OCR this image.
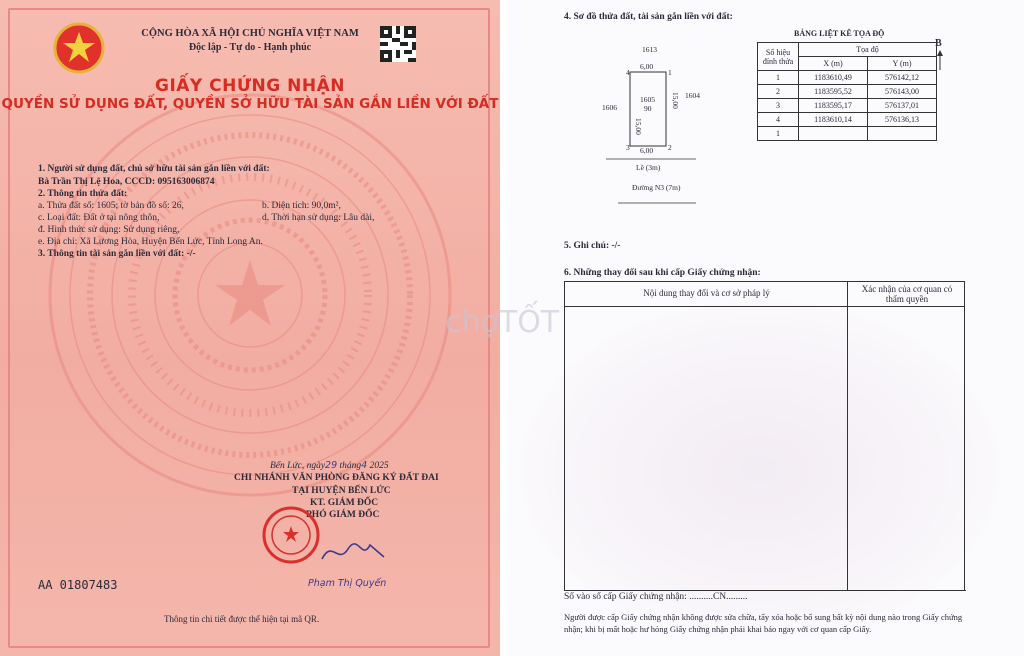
CỘNG HÒA XÃ HỘI CHỦ NGHĨA VIỆT NAM
Độc lập - Tự do - Hạnh phúc
GIẤY CHỨNG NHẬN
QUYỀN SỬ DỤNG ĐẤT, QUYỀN SỞ HỮU TÀI SẢN GẮN LIỀN VỚI ĐẤT
1. Người sử dụng đất, chủ sở hữu tài sản gắn liền với đất:
Bà Trần Thị Lệ Hoa, CCCD: 095163006874
2. Thông tin thửa đất:
a. Thửa đất số: 1605; tờ bản đồ số: 26,	b. Diện tích: 90,0m²,
c. Loại đất: Đất ở tại nông thôn,	d. Thời hạn sử dụng: Lâu dài,
đ. Hình thức sử dụng: Sử dụng riêng,
e. Địa chỉ: Xã Lương Hòa, Huyện Bến Lức, Tỉnh Long An.
3. Thông tin tài sản gắn liền với đất: -/-
Bến Lức, ngày29 tháng4 2025
CHI NHÁNH VĂN PHÒNG ĐĂNG KÝ ĐẤT ĐAI
TẠI HUYỆN BẾN LỨC
KT. GIÁM ĐỐC
PHÓ GIÁM ĐỐC
Phạm Thị Quyến
AA 01807483
Thông tin chi tiết được thể hiện tại mã QR.
4. Sơ đồ thửa đất, tài sản gắn liền với đất:
1613
1606
1604
1605
90
6,00
6,00
4	1
3	2
Lề (3m)
Đường N3 (7m)
15,00
15,00
BẢNG LIỆT KÊ TỌA ĐỘ
B
Số hiệu đỉnh thửa	Tọa độ	
	X (m)	Y (m)
1	1183610,49	576142,12
2	1183595,52	576143,00
3	1183595,17	576137,01
4	1183610,14	576136,13
1		
5. Ghi chú: -/-
6. Những thay đổi sau khi cấp Giấy chứng nhận:
Nội dung thay đổi và cơ sở pháp lý	Xác nhận của cơ quan có thẩm quyền
chợTỐT
Số vào sổ cấp Giấy chứng nhận: ..........CN.........
Người được cấp Giấy chứng nhận không được sửa chữa, tẩy xóa hoặc bổ sung bất kỳ nội dung nào trong Giấy chứng nhận; khi bị mất hoặc hư hỏng Giấy chứng nhận phải khai báo ngay với cơ quan cấp Giấy.
